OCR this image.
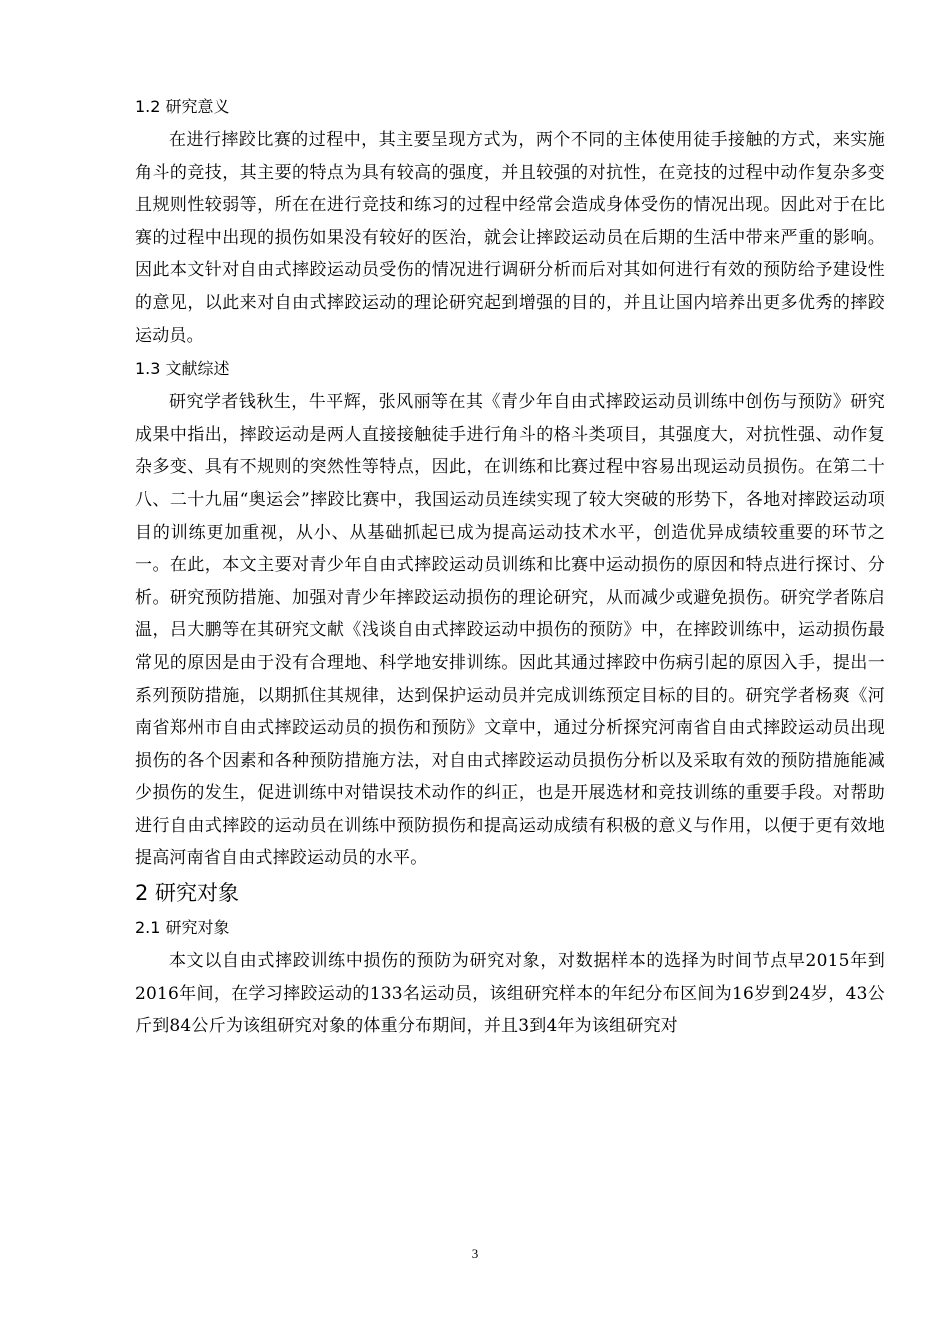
1.2 研究意义

在进行摔跤比赛的过程中，其主要呈现方式为，两个不同的主体使用徒手接触的方式，来实施角斗的竞技，其主要的特点为具有较高的强度，并且较强的对抗性，在竞技的过程中动作复杂多变且规则性较弱等，所在在进行竞技和练习的过程中经常会造成身体受伤的情况出现。因此对于在比赛的过程中出现的损伤如果没有较好的医治，就会让摔跤运动员在后期的生活中带来严重的影响。因此本文针对自由式摔跤运动员受伤的情况进行调研分析而后对其如何进行有效的预防给予建设性的意见，以此来对自由式摔跤运动的理论研究起到增强的目的，并且让国内培养出更多优秀的摔跤运动员。

1.3 文献综述

研究学者钱秋生，牛平辉，张风丽等在其《青少年自由式摔跤运动员训练中创伤与预防》研究成果中指出，摔跤运动是两人直接接触徒手进行角斗的格斗类项目，其强度大，对抗性强、动作复杂多变、具有不规则的突然性等特点，因此，在训练和比赛过程中容易出现运动员损伤。在第二十八、二十九届“奥运会”摔跤比赛中，我国运动员连续实现了较大突破的形势下，各地对摔跤运动项目的训练更加重视，从小、从基础抓起已成为提高运动技术水平，创造优异成绩较重要的环节之一。在此，本文主要对青少年自由式摔跤运动员训练和比赛中运动损伤的原因和特点进行探讨、分析。研究预防措施、加强对青少年摔跤运动损伤的理论研究，从而减少或避免损伤。研究学者陈启温，吕大鹏等在其研究文献《浅谈自由式摔跤运动中损伤的预防》中，在摔跤训练中，运动损伤最常见的原因是由于没有合理地、科学地安排训练。因此其通过摔跤中伤病引起的原因入手，提出一系列预防措施，以期抓住其规律，达到保护运动员并完成训练预定目标的目的。研究学者杨爽《河南省郑州市自由式摔跤运动员的损伤和预防》文章中，通过分析探究河南省自由式摔跤运动员出现损伤的各个因素和各种预防措施方法，对自由式摔跤运动员损伤分析以及采取有效的预防措施能减少损伤的发生，促进训练中对错误技术动作的纠正，也是开展选材和竞技训练的重要手段。对帮助进行自由式摔跤的运动员在训练中预防损伤和提高运动成绩有积极的意义与作用，以便于更有效地提高河南省自由式摔跤运动员的水平。

2 研究对象
2.1 研究对象

本文以自由式摔跤训练中损伤的预防为研究对象，对数据样本的选择为时间节点早2015年到2016年间，在学习摔跤运动的133名运动员，该组研究样本的年纪分布区间为16岁到24岁，43公斤到84公斤为该组研究对象的体重分布期间，并且3到4年为该组研究对

3
